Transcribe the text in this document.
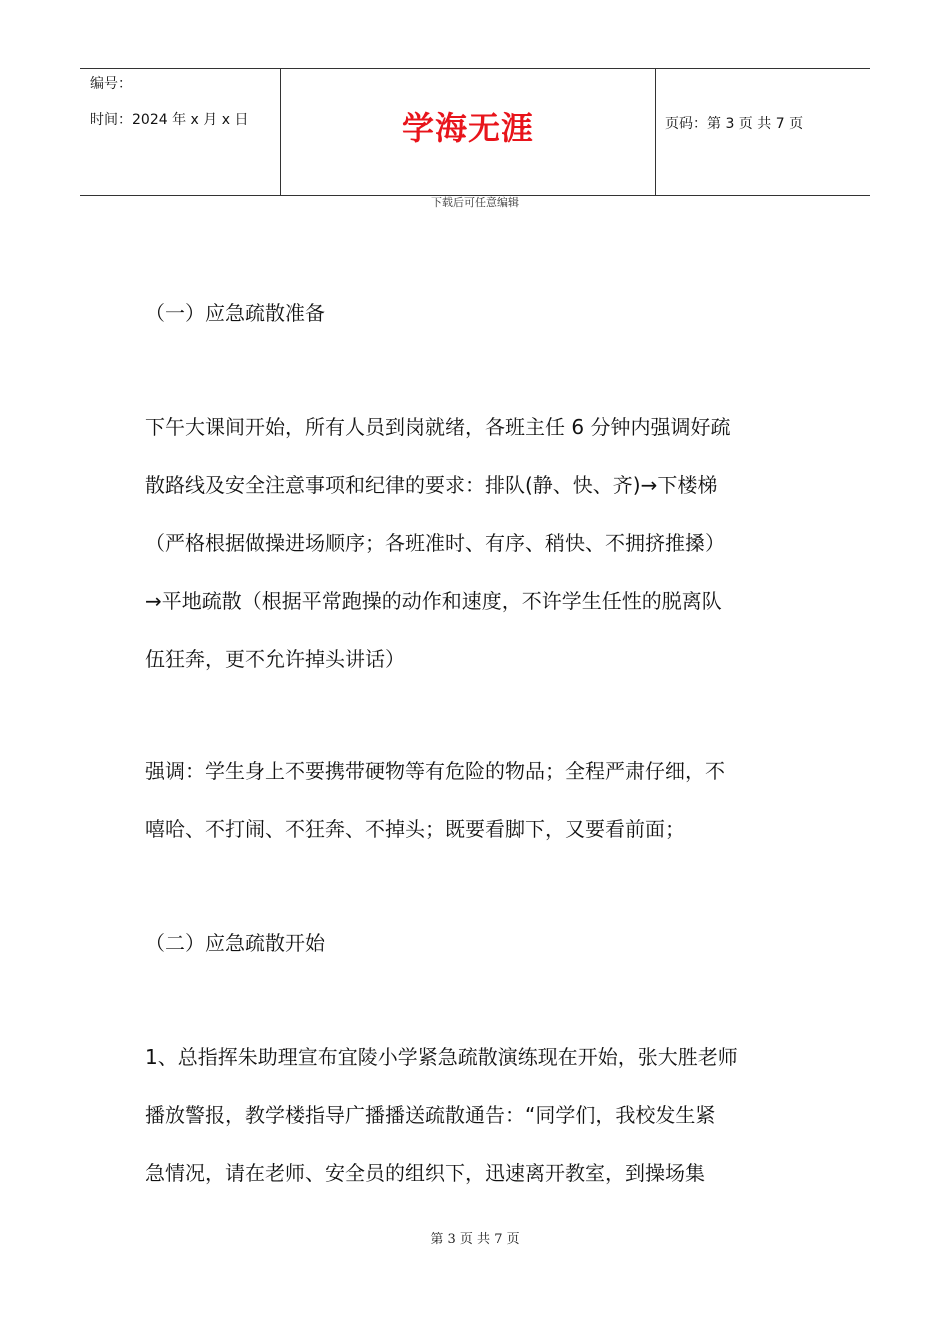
编号：
时间：2024 年 x 月 x 日	学海无涯	页码：第 3 页 共 7 页
下载后可任意编辑
（一）应急疏散准备
下午大课间开始，所有人员到岗就绪，各班主任 6 分钟内强调好疏
散路线及安全注意事项和纪律的要求：排队(静、快、齐)→下楼梯
（严格根据做操进场顺序；各班准时、有序、稍快、不拥挤推搡）
→平地疏散（根据平常跑操的动作和速度，不许学生任性的脱离队
伍狂奔，更不允许掉头讲话）
强调：学生身上不要携带硬物等有危险的物品；全程严肃仔细，不
嘻哈、不打闹、不狂奔、不掉头；既要看脚下，又要看前面；
（二）应急疏散开始
1、总指挥朱助理宣布宜陵小学紧急疏散演练现在开始，张大胜老师
播放警报，教学楼指导广播播送疏散通告：“同学们，我校发生紧
急情况，请在老师、安全员的组织下，迅速离开教室，到操场集
第 3 页 共 7 页
